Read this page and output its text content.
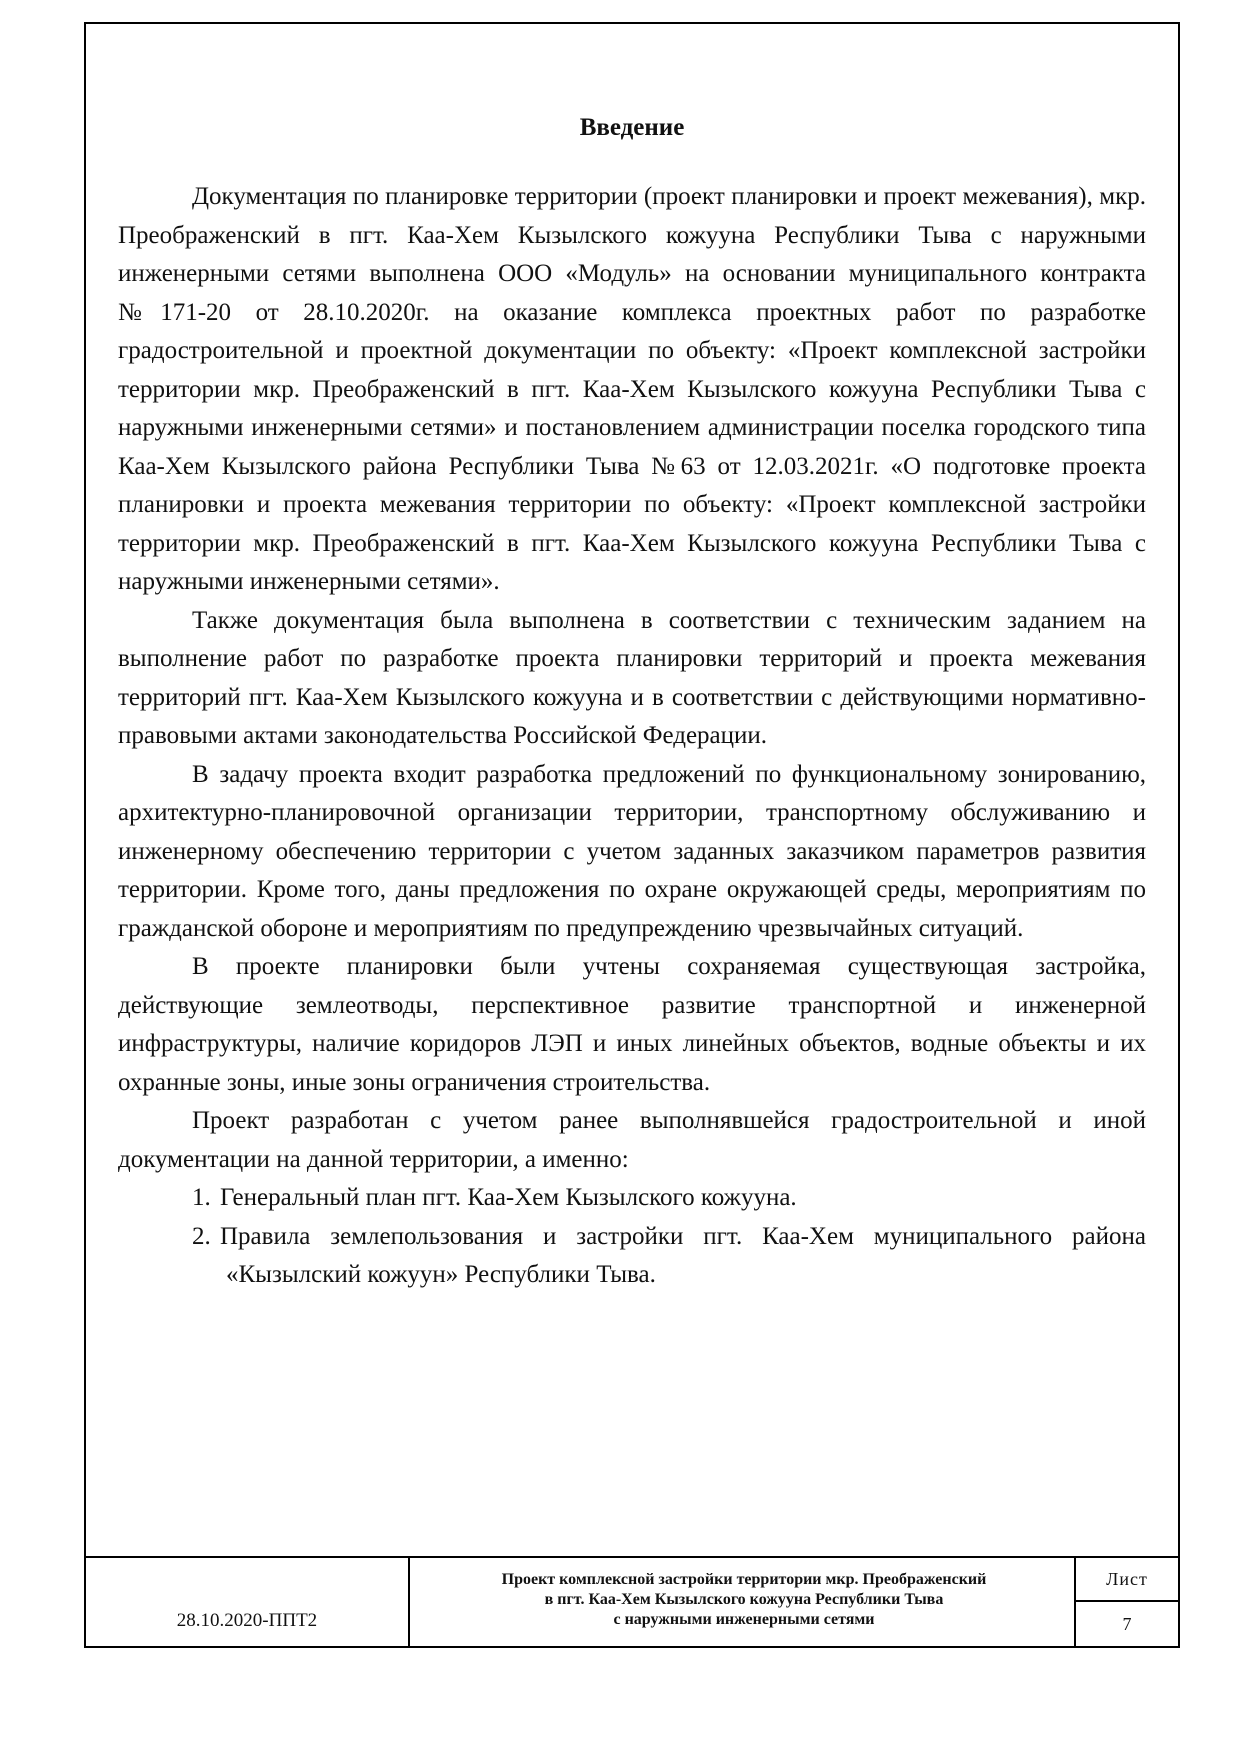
Введение

Документация по планировке территории (проект планировки и проект межевания), мкр. Преображенский в пгт. Каа-Хем Кызылского кожууна Республики Тыва с наружными инженерными сетями выполнена ООО «Модуль» на основании муниципального контракта №171-20 от 28.10.2020г. на оказание комплекса проектных работ по разработке градостроительной и проектной документации по объекту: «Проект комплексной застройки территории мкр. Преображенский в пгт. Каа-Хем Кызылского кожууна Республики Тыва с наружными инженерными сетями» и постановлением администрации поселка городского типа Каа-Хем Кызылского района Республики Тыва №63 от 12.03.2021г. «О подготовке проекта планировки и проекта межевания территории по объекту: «Проект комплексной застройки территории мкр. Преображенский в пгт. Каа-Хем Кызылского кожууна Республики Тыва с наружными инженерными сетями».

Также документация была выполнена в соответствии с техническим заданием на выполнение работ по разработке проекта планировки территорий и проекта межевания территорий пгт. Каа-Хем Кызылского кожууна и в соответствии с действующими нормативно-правовыми актами законодательства Российской Федерации.

В задачу проекта входит разработка предложений по функциональному зонированию, архитектурно-планировочной организации территории, транспортному обслуживанию и инженерному обеспечению территории с учетом заданных заказчиком параметров развития территории. Кроме того, даны предложения по охране окружающей среды, мероприятиям по гражданской обороне и мероприятиям по предупреждению чрезвычайных ситуаций.

В проекте планировки были учтены сохраняемая существующая застройка, действующие землеотводы, перспективное развитие транспортной и инженерной инфраструктуры, наличие коридоров ЛЭП и иных линейных объектов, водные объекты и их охранные зоны, иные зоны ограничения строительства.

Проект разработан с учетом ранее выполнявшейся градостроительной и иной документации на данной территории, а именно:

1. Генеральный план пгт. Каа-Хем Кызылского кожууна.
2. Правила землепользования и застройки пгт. Каа-Хем муниципального района «Кызылский кожуун» Республики Тыва.
28.10.2020-ППТ2
Проект комплексной застройки территории мкр. Преображенский
в пгт. Каа-Хем Кызылского кожууна Республики Тыва
с наружными инженерными сетями
Лист
7
